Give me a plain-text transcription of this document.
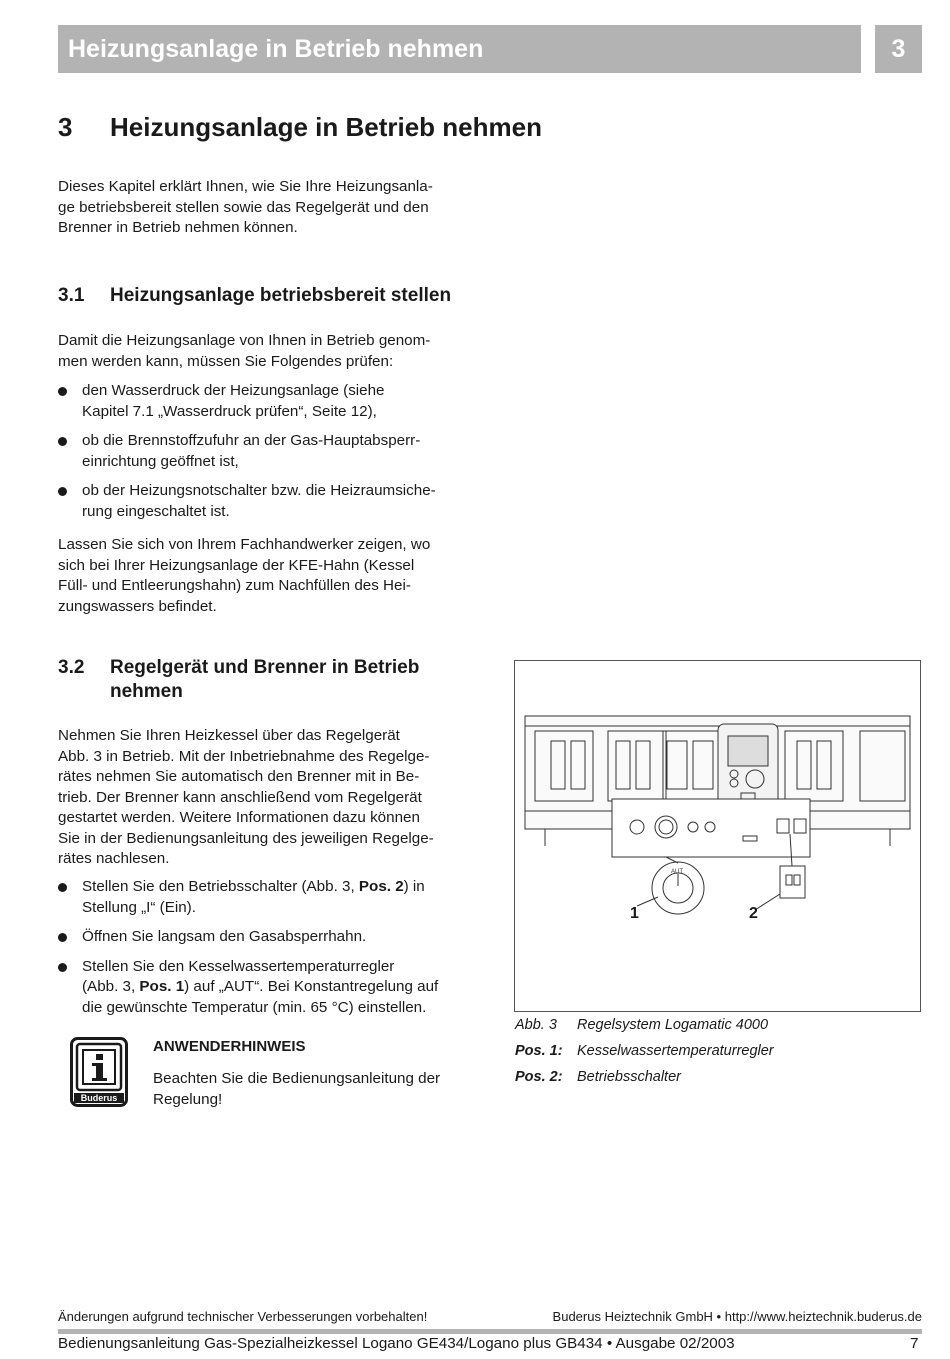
Heizungsanlage in Betrieb nehmen	3
3 Heizungsanlage in Betrieb nehmen
Dieses Kapitel erklärt Ihnen, wie Sie Ihre Heizungsanla-
ge betriebsbereit stellen sowie das Regelgerät und den
Brenner in Betrieb nehmen können.
3.1 Heizungsanlage betriebsbereit stellen
Damit die Heizungsanlage von Ihnen in Betrieb genom-
men werden kann, müssen Sie Folgendes prüfen:
den Wasserdruck der Heizungsanlage (siehe
Kapitel 7.1 „Wasserdruck prüfen“, Seite 12),
ob die Brennstoffzufuhr an der Gas-Hauptabsperr-
einrichtung geöffnet ist,
ob der Heizungsnotschalter bzw. die Heizraumsiche-
rung eingeschaltet ist.
Lassen Sie sich von Ihrem Fachhandwerker zeigen, wo
sich bei Ihrer Heizungsanlage der KFE-Hahn (Kessel
Füll- und Entleerungshahn) zum Nachfüllen des Hei-
zungswassers befindet.
3.2 Regelgerät und Brenner in Betrieb
nehmen
Nehmen Sie Ihren Heizkessel über das Regelgerät
Abb. 3 in Betrieb. Mit der Inbetriebnahme des Regelge-
rätes nehmen Sie automatisch den Brenner mit in Be-
trieb. Der Brenner kann anschließend vom Regelgerät
gestartet werden. Weitere Informationen dazu können
Sie in der Bedienungsanleitung des jeweiligen Regelge-
rätes nachlesen.
Stellen Sie den Betriebsschalter (Abb. 3, Pos. 2) in
Stellung „I“ (Ein).
Öffnen Sie langsam den Gasabsperrhahn.
Stellen Sie den Kesselwassertemperaturregler
(Abb. 3, Pos. 1) auf „AUT“. Bei Konstantregelung auf
die gewünschte Temperatur (min. 65 °C) einstellen.
Buderus
ANWENDERHINWEIS
Beachten Sie die Bedienungsanleitung der
Regelung!
AUT
1	2
Abb. 3 Regelsystem Logamatic 4000
Pos. 1: Kesselwassertemperaturregler
Pos. 2: Betriebsschalter
Änderungen aufgrund technischer Verbesserungen vorbehalten!	Buderus Heiztechnik GmbH • http://www.heiztechnik.buderus.de
Bedienungsanleitung Gas-Spezialheizkessel Logano GE434/Logano plus GB434 • Ausgabe 02/2003	7
